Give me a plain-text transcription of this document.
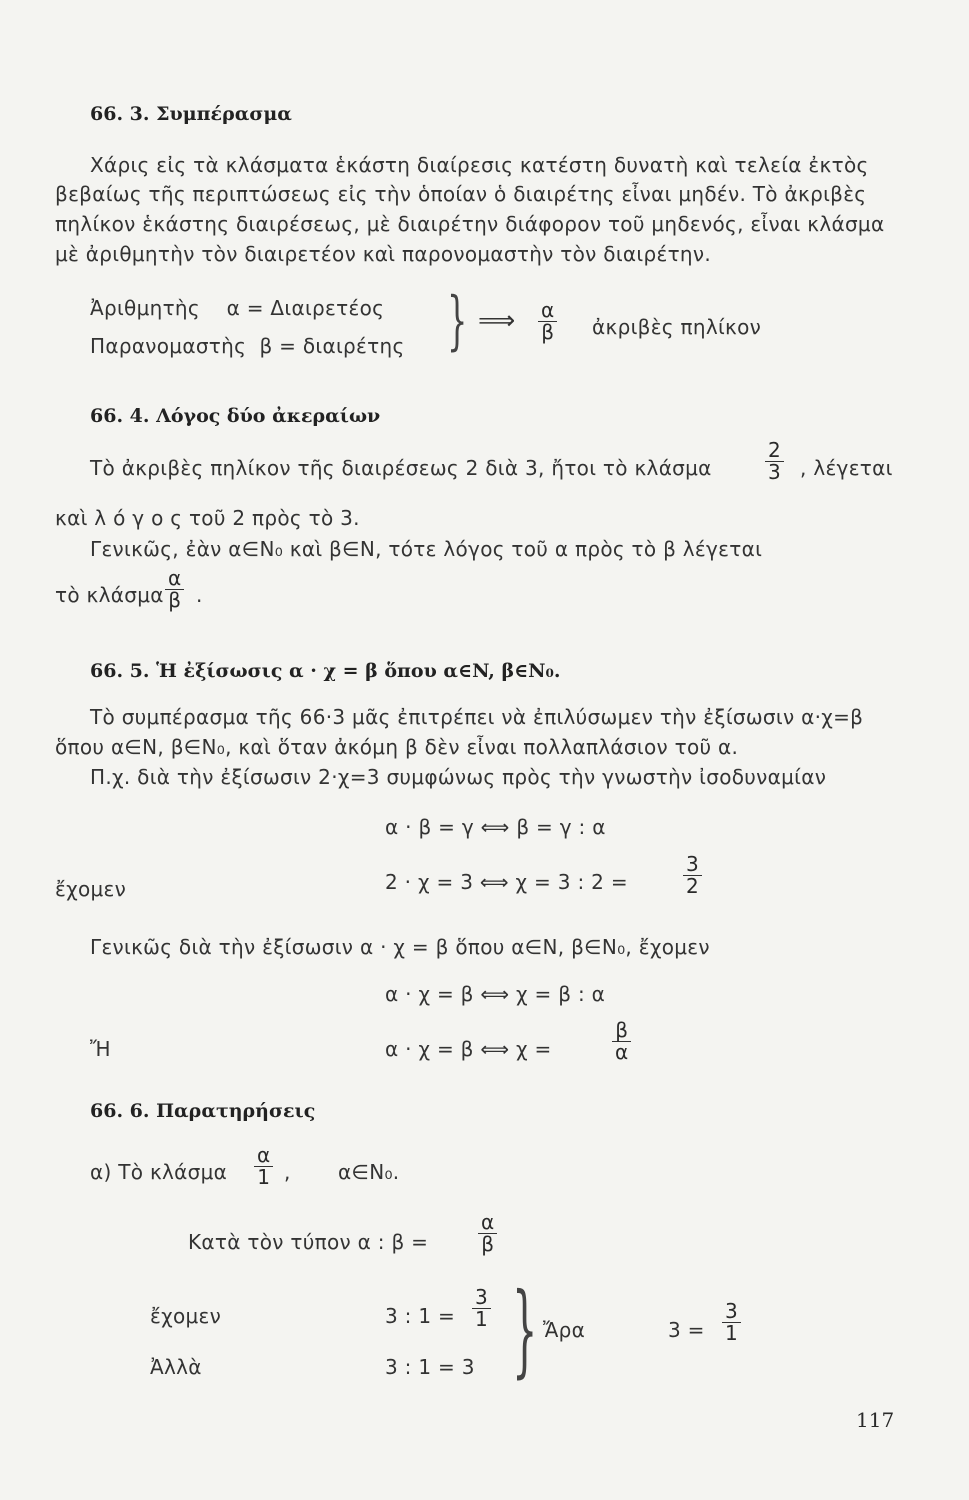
66. 3. Συμπέρασμα
Χάρις εἰς τὰ κλάσματα ἑκάστη διαίρεσις κατέστη δυνατὴ καὶ τελεία ἐκτὸς
βεβαίως τῆς περιπτώσεως εἰς τὴν ὁποίαν ὁ διαιρέτης εἶναι μηδέν. Τὸ ἀκριβὲς
πηλίκον ἑκάστης διαιρέσεως, μὲ διαιρέτην διάφορον τοῦ μηδενός, εἶναι κλάσμα
μὲ ἀριθμητὴν τὸν διαιρετέον καὶ παρονομαστὴν τὸν διαιρέτην.
Ἀριθμητὴς    α = Διαιρετέος
Παρανομαστὴς  β = διαιρέτης } ⟹ $\frac{\alpha}{\beta}$ ἀκριβὲς πηλίκον
66. 4. Λόγος δύο ἀκεραίων
Τὸ ἀκριβὲς πηλίκον τῆς διαιρέσεως 2 διὰ 3, ἤτοι τὸ κλάσμα	$\frac{2}{3}$ , λέγεται
καὶ λ ό γ ο ς τοῦ 2 πρὸς τὸ 3.
Γενικῶς, ἐὰν α∈N₀ καὶ β∈N, τότε λόγος τοῦ α πρὸς τὸ β λέγεται
τὸ κλάσμα $\frac{\alpha}{\beta}$ .
66. 5. Ἡ ἐξίσωσις α · χ = β ὅπου α∈N, β∈N₀.
Τὸ συμπέρασμα τῆς 66·3 μᾶς ἐπιτρέπει νὰ ἐπιλύσωμεν τὴν ἐξίσωσιν α·χ=β
ὅπου α∈N, β∈N₀, καὶ ὅταν ἀκόμη β δὲν εἶναι πολλαπλάσιον τοῦ α.
Π.χ. διὰ τὴν ἐξίσωσιν 2·χ=3 συμφώνως πρὸς τὴν γνωστὴν ἰσοδυναμίαν
α · β = γ ⟺ β = γ : α
ἔχομεν	2 · χ = 3 ⟺ χ = 3 : 2 =	$\frac{3}{2}$
Γενικῶς διὰ τὴν ἐξίσωσιν α · χ = β ὅπου α∈N, β∈N₀, ἔχομεν
α · χ = β ⟺ χ = β : α
Ἤ	α · χ = β ⟺ χ =	$\frac{\beta}{\alpha}$
66. 6. Παρατηρήσεις
α) Τὸ κλάσμα $\frac{\alpha}{1}$ , α∈N₀.
Κατὰ τὸν τύπον α : $\beta = \frac{\alpha}{\beta}$
ἔχομεν	3 : $1 = \frac{3}{1}$
Ἀλλὰ	3 : 1 = 3 } Ἄρα	$3 = \frac{3}{1}$
117
